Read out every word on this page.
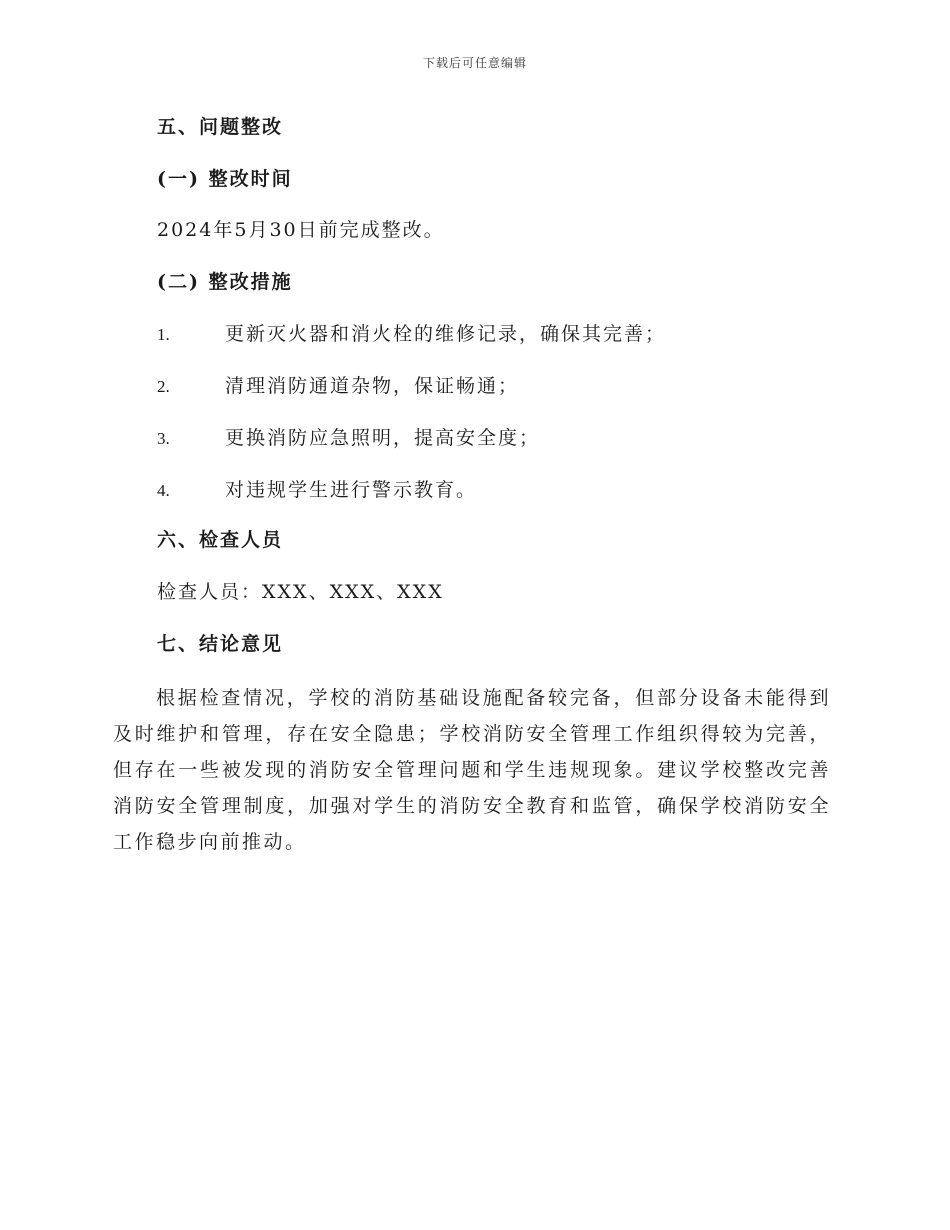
下载后可任意编辑
五、问题整改
(一) 整改时间
2024年5月30日前完成整改。
(二) 整改措施
1.	更新灭火器和消火栓的维修记录，确保其完善；
2.	清理消防通道杂物，保证畅通；
3.	更换消防应急照明，提高安全度；
4.	对违规学生进行警示教育。
六、检查人员
检查人员：XXX、XXX、XXX
七、结论意见
根据检查情况，学校的消防基础设施配备较完备，但部分设备未能得到及时维护和管理，存在安全隐患；学校消防安全管理工作组织得较为完善，但存在一些被发现的消防安全管理问题和学生违规现象。建议学校整改完善消防安全管理制度，加强对学生的消防安全教育和监管，确保学校消防安全工作稳步向前推动。
